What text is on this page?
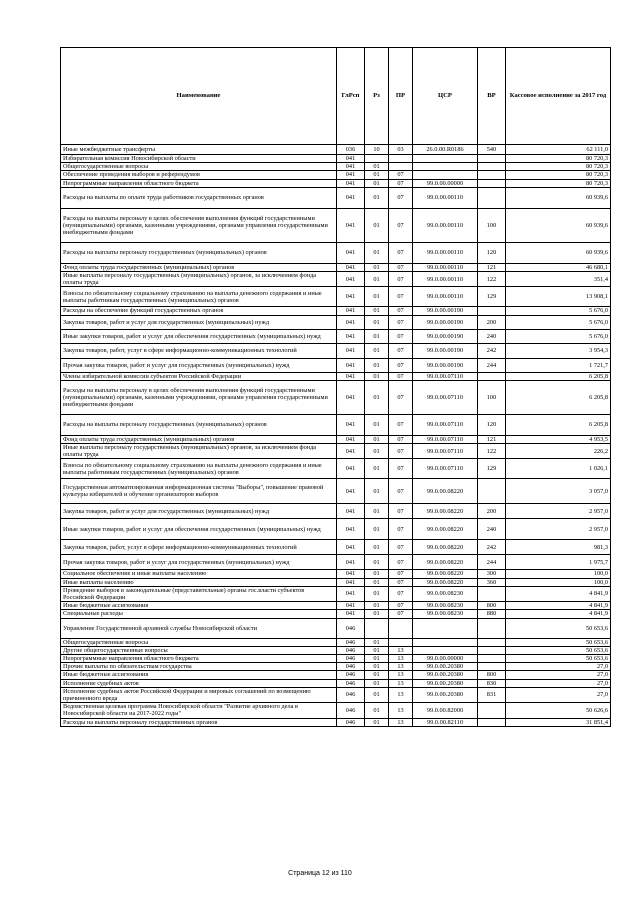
Наименование	ГлРсп	Рз	ПР	ЦСР	ВР	Кассовое исполнение за 2017 год
Иные межбюджетные трансферты	036	10	03	26.0.00.R0186	540	62 111,0
Избирательная комиссия Новосибирской области	041					80 720,3
Общегосударственные вопросы	041	01				80 720,3
Обеспечение проведения выборов и референдумов	041	01	07			80 720,3
Непрограммные направления областного бюджета	041	01	07	99.0.00.00000		80 720,3
Расходы на выплаты по оплате труда работников государственных органов	041	01	07	99.0.00.00110		60 939,6
Расходы на выплаты персоналу в целях обеспечения выполнения функций государственными (муниципальными) органами, казенными учреждениями, органами управления государственными внебюджетными фондами	041	01	07	99.0.00.00110	100	60 939,6
Расходы на выплаты персоналу государственных (муниципальных) органов	041	01	07	99.0.00.00110	120	60 939,6
Фонд оплаты труда государственных (муниципальных) органов	041	01	07	99.0.00.00110	121	46 680,1
Иные выплаты персоналу государственных (муниципальных) органов, за исключением фонда оплаты труда	041	01	07	99.0.00.00110	122	351,4
Взносы по обязательному социальному страхованию на выплаты денежного содержания и иные выплаты работникам государственных (муниципальных) органов	041	01	07	99.0.00.00110	129	13 908,1
Расходы на обеспечение функций государственных органов	041	01	07	99.0.00.00190		5 676,0
Закупка товаров, работ и услуг для государственных (муниципальных) нужд	041	01	07	99.0.00.00190	200	5 676,0
Иные закупки товаров, работ и услуг для обеспечения государственных (муниципальных) нужд	041	01	07	99.0.00.00190	240	5 676,0
Закупка товаров, работ, услуг в сфере информационно-коммуникационных технологий	041	01	07	99.0.00.00190	242	3 954,3
Прочая закупка товаров, работ и услуг для государственных (муниципальных) нужд	041	01	07	99.0.00.00190	244	1 721,7
Члены избирательной комиссии субъектов Российской Федерации	041	01	07	99.0.00.07110		6 205,8
Расходы на выплаты персоналу в целях обеспечения выполнения функций государственными (муниципальными) органами, казенными учреждениями, органами управления государственными внебюджетными фондами	041	01	07	99.0.00.07110	100	6 205,8
Расходы на выплаты персоналу государственных (муниципальных) органов	041	01	07	99.0.00.07110	120	6 205,8
Фонд оплаты труда государственных (муниципальных) органов	041	01	07	99.0.00.07110	121	4 953,5
Иные выплаты персоналу государственных (муниципальных) органов, за исключением фонда оплаты труда	041	01	07	99.0.00.07110	122	226,2
Взносы по обязательному социальному страхованию на выплаты денежного содержания и иные выплаты работникам государственных (муниципальных) органов	041	01	07	99.0.00.07110	129	1 026,1
Государственная автоматизированная информационная система "Выборы", повышение правовой культуры избирателей и обучение организаторов выборов	041	01	07	99.0.00.08220		3 057,0
Закупка товаров, работ и услуг для государственных (муниципальных) нужд	041	01	07	99.0.00.08220	200	2 957,0
Иные закупки товаров, работ и услуг для обеспечения государственных (муниципальных) нужд	041	01	07	99.0.00.08220	240	2 957,0
Закупка товаров, работ, услуг в сфере информационно-коммуникационных технологий	041	01	07	99.0.00.08220	242	981,3
Прочая закупка товаров, работ и услуг для государственных (муниципальных) нужд	041	01	07	99.0.00.08220	244	1 975,7
Социальное обеспечение и иные выплаты населению	041	01	07	99.0.00.08220	300	100,0
Иные выплаты населению	041	01	07	99.0.00.08220	360	100,0
Проведение выборов в законодательные (представительные) органы гос.власти субъектов Российской Федерации	041	01	07	99.0.00.08230		4 841,9
Иные бюджетные ассигнования	041	01	07	99.0.00.08230	800	4 841,9
Специальные расходы	041	01	07	99.0.00.08230	880	4 841,9
Управление Государственной архивной службы Новосибирской области	046					50 653,6
Общегосударственные вопросы	046	01				50 653,6
Другие общегосударственные вопросы	046	01	13			50 653,6
Непрограммные направления областного бюджета	046	01	13	99.0.00.00000		50 653,6
Прочие выплаты по обязательствам государства	046	01	13	99.0.00.20380		27,0
Иные бюджетные ассигнования	046	01	13	99.0.00.20380	800	27,0
Исполнение судебных актов	046	01	13	99.0.00.20380	830	27,0
Исполнение судебных актов Российской Федерации и мировых соглашений по возмещению причиненного вреда	046	01	13	99.0.00.20380	831	27,0
Ведомственная целевая программа Новосибирской области "Развитие архивного дела в Новосибирской области на 2017-2022 годы"	046	01	13	99.0.00.82000		50 626,6
Расходы на выплаты персоналу государственных органов	046	01	13	99.0.00.82110		31 851,4
Страница 12 из 110
